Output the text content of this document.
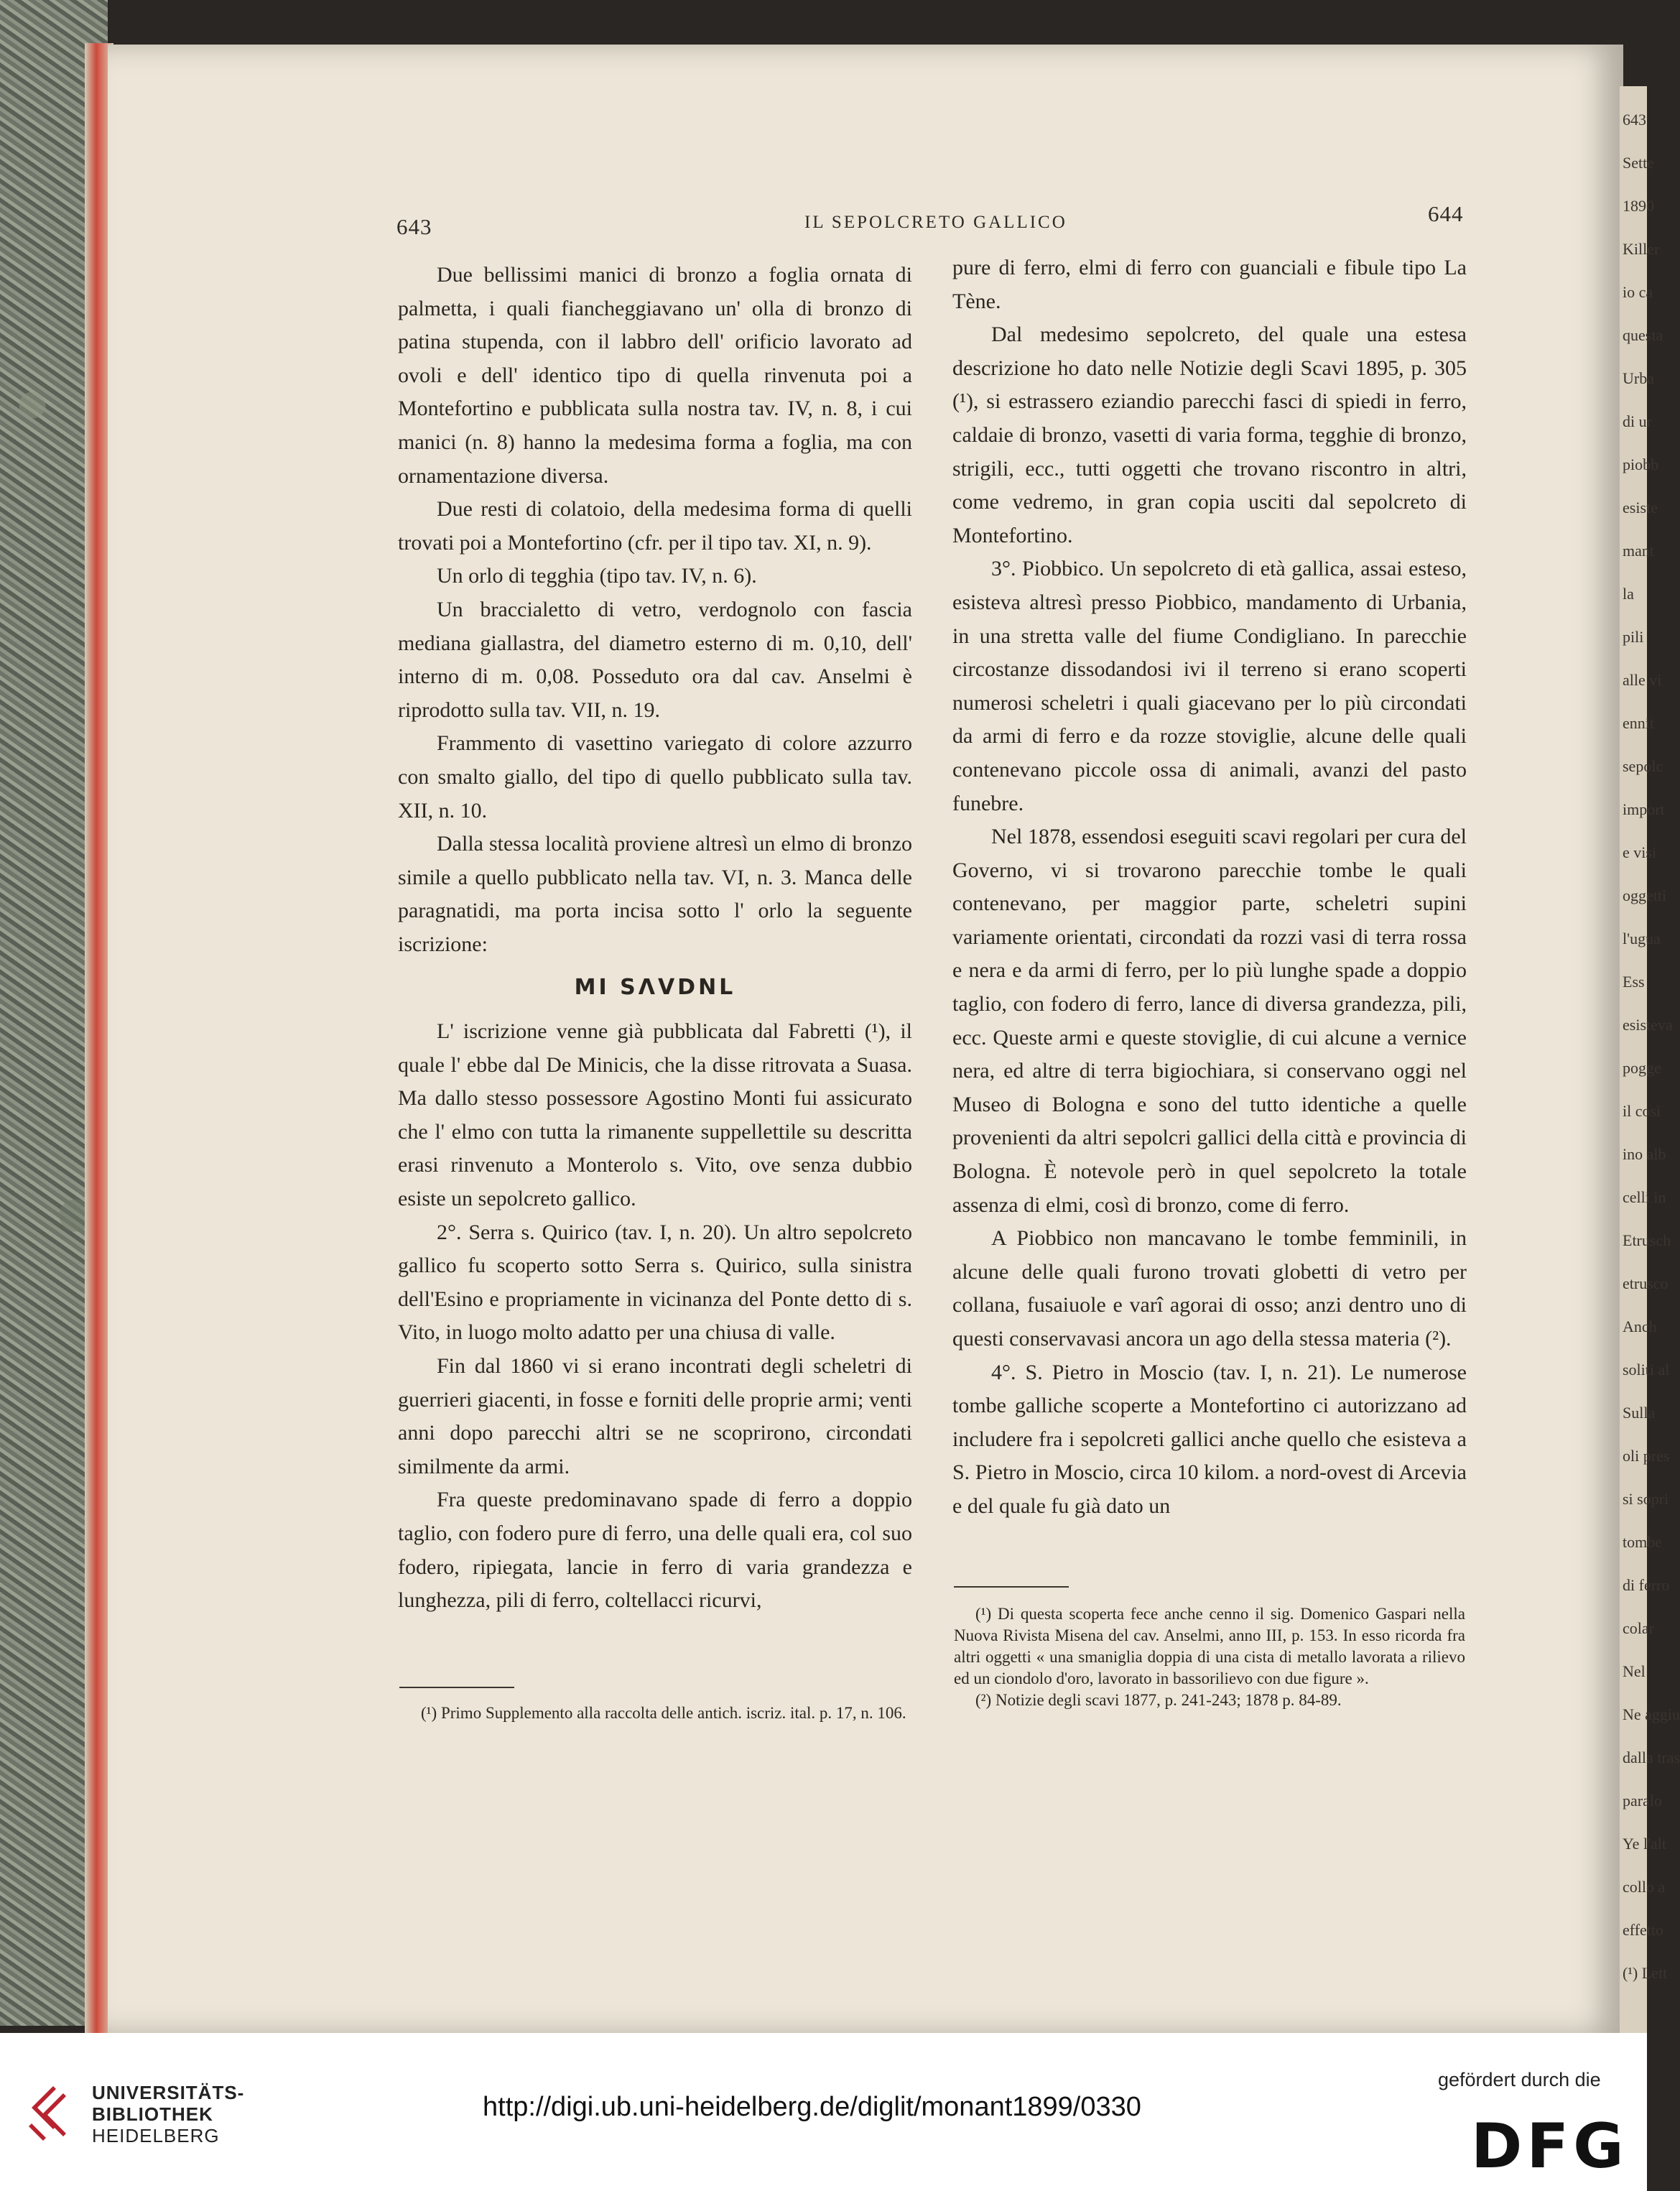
643
Sette
1890
Killer
io ca
questa
Urba
di ur
piobb
esiste
mant
la
pili
alle vi
ennit
sepolc
import
e visi
oggetti
l'ugua
Ess
esisteva
pogge
il cosi
ino alb
celli in
Etrusch
etrusco
Anch
soliti al
Sulla
oli pres
si sopri
tombe
di ferro
colar
Nel
Ne aggiu
dalla tras
paralo
Ye l'alt
collo a
effetto
(¹) Lett
643	IL SEPOLCRETO GALLICO	644

Due bellissimi manici di bronzo a foglia ornata di palmetta, i quali fiancheggiavano un' olla di bronzo di patina stupenda, con il labbro dell' orificio lavorato ad ovoli e dell' identico tipo di quella rinvenuta poi a Montefortino e pubblicata sulla nostra tav. IV, n. 8, i cui manici (n. 8) hanno la medesima forma a foglia, ma con ornamentazione diversa.

Due resti di colatoio, della medesima forma di quelli trovati poi a Montefortino (cfr. per il tipo tav. XI, n. 9).

Un orlo di tegghia (tipo tav. IV, n. 6).

Un braccialetto di vetro, verdognolo con fascia mediana giallastra, del diametro esterno di m. 0,10, dell' interno di m. 0,08. Posseduto ora dal cav. Anselmi è riprodotto sulla tav. VII, n. 19.

Frammento di vasettino variegato di colore azzurro con smalto giallo, del tipo di quello pubblicato sulla tav. XII, n. 10.

Dalla stessa località proviene altresì un elmo di bronzo simile a quello pubblicato nella tav. VI, n. 3. Manca delle paragnatidi, ma porta incisa sotto l' orlo la seguente iscrizione:

MI SΛVDNL

L' iscrizione venne già pubblicata dal Fabretti (¹), il quale l' ebbe dal De Minicis, che la disse ritrovata a Suasa. Ma dallo stesso possessore Agostino Monti fui assicurato che l' elmo con tutta la rimanente suppellettile su descritta erasi rinvenuto a Monterolo s. Vito, ove senza dubbio esiste un sepolcreto gallico.

2°. Serra s. Quirico (tav. I, n. 20). Un altro sepolcreto gallico fu scoperto sotto Serra s. Quirico, sulla sinistra dell'Esino e propriamente in vicinanza del Ponte detto di s. Vito, in luogo molto adatto per una chiusa di valle.

Fin dal 1860 vi si erano incontrati degli scheletri di guerrieri giacenti, in fosse e forniti delle proprie armi; venti anni dopo parecchi altri se ne scoprirono, circondati similmente da armi.

Fra queste predominavano spade di ferro a doppio taglio, con fodero pure di ferro, una delle quali era, col suo fodero, ripiegata, lancie in ferro di varia grandezza e lunghezza, pili di ferro, coltellacci ricurvi,

(¹) Primo Supplemento alla raccolta delle antich. iscriz. ital. p. 17, n. 106.

pure di ferro, elmi di ferro con guanciali e fibule tipo La Tène.

Dal medesimo sepolcreto, del quale una estesa descrizione ho dato nelle Notizie degli Scavi 1895, p. 305 (¹), si estrassero eziandio parecchi fasci di spiedi in ferro, caldaie di bronzo, vasetti di varia forma, tegghie di bronzo, strigili, ecc., tutti oggetti che trovano riscontro in altri, come vedremo, in gran copia usciti dal sepolcreto di Montefortino.

3°. Piobbico. Un sepolcreto di età gallica, assai esteso, esisteva altresì presso Piobbico, mandamento di Urbania, in una stretta valle del fiume Condigliano. In parecchie circostanze dissodandosi ivi il terreno si erano scoperti numerosi scheletri i quali giacevano per lo più circondati da armi di ferro e da rozze stoviglie, alcune delle quali contenevano piccole ossa di animali, avanzi del pasto funebre.

Nel 1878, essendosi eseguiti scavi regolari per cura del Governo, vi si trovarono parecchie tombe le quali contenevano, per maggior parte, scheletri supini variamente orientati, circondati da rozzi vasi di terra rossa e nera e da armi di ferro, per lo più lunghe spade a doppio taglio, con fodero di ferro, lance di diversa grandezza, pili, ecc. Queste armi e queste stoviglie, di cui alcune a vernice nera, ed altre di terra bigiochiara, si conservano oggi nel Museo di Bologna e sono del tutto identiche a quelle provenienti da altri sepolcri gallici della città e provincia di Bologna. È notevole però in quel sepolcreto la totale assenza di elmi, così di bronzo, come di ferro.

A Piobbico non mancavano le tombe femminili, in alcune delle quali furono trovati globetti di vetro per collana, fusaiuole e varî agorai di osso; anzi dentro uno di questi conservavasi ancora un ago della stessa materia (²).

4°. S. Pietro in Moscio (tav. I, n. 21). Le numerose tombe galliche scoperte a Montefortino ci autorizzano ad includere fra i sepolcreti gallici anche quello che esisteva a S. Pietro in Moscio, circa 10 kilom. a nord-ovest di Arcevia e del quale fu già dato un

(¹) Di questa scoperta fece anche cenno il sig. Domenico Gaspari nella Nuova Rivista Misena del cav. Anselmi, anno III, p. 153. In esso ricorda fra altri oggetti « una smaniglia doppia di una cista di metallo lavorata a rilievo ed un ciondolo d'oro, lavorato in bassorilievo con due figure ».

(²) Notizie degli scavi 1877, p. 241-243; 1878 p. 84-89.

UNIVERSITÄTS-
BIBLIOTHEK
HEIDELBERG
http://digi.ub.uni-heidelberg.de/diglit/monant1899/0330
gefördert durch die
DFG
